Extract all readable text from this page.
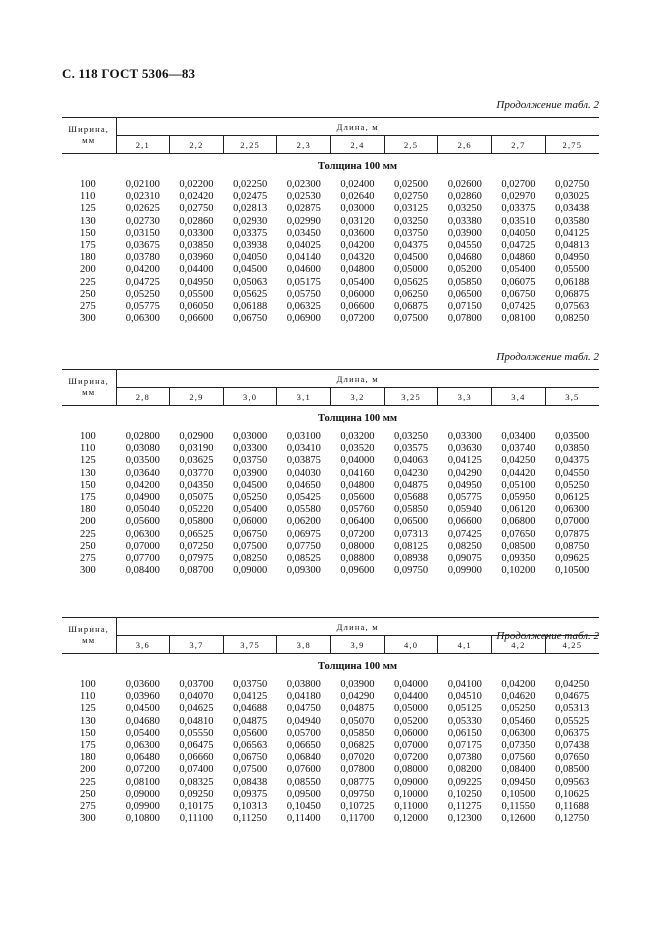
С. 118 ГОСТ 5306—83
Продолжение табл. 2
Продолжение табл. 2
Продолжение табл. 2
Ширина,
мм	Длина, м								
	2,1	2,2	2,25	2,3	2,4	2,5	2,6	2,7	2,75
Толщина 100 мм									
100	0,02100	0,02200	0,02250	0,02300	0,02400	0,02500	0,02600	0,02700	0,02750
110	0,02310	0,02420	0,02475	0,02530	0,02640	0,02750	0,02860	0,02970	0,03025
125	0,02625	0,02750	0,02813	0,02875	0,03000	0,03125	0,03250	0,03375	0,03438
130	0,02730	0,02860	0,02930	0,02990	0,03120	0,03250	0,03380	0,03510	0,03580
150	0,03150	0,03300	0,03375	0,03450	0,03600	0,03750	0,03900	0,04050	0,04125
175	0,03675	0,03850	0,03938	0,04025	0,04200	0,04375	0,04550	0,04725	0,04813
180	0,03780	0,03960	0,04050	0,04140	0,04320	0,04500	0,04680	0,04860	0,04950
200	0,04200	0,04400	0,04500	0,04600	0,04800	0,05000	0,05200	0,05400	0,05500
225	0,04725	0,04950	0,05063	0,05175	0,05400	0,05625	0,05850	0,06075	0,06188
250	0,05250	0,05500	0,05625	0,05750	0,06000	0,06250	0,06500	0,06750	0,06875
275	0,05775	0,06050	0,06188	0,06325	0,06600	0,06875	0,07150	0,07425	0,07563
300	0,06300	0,06600	0,06750	0,06900	0,07200	0,07500	0,07800	0,08100	0,08250
Ширина,
мм	Длина, м								
	2,8	2,9	3,0	3,1	3,2	3,25	3,3	3,4	3,5
Толщина 100 мм									
100	0,02800	0,02900	0,03000	0,03100	0,03200	0,03250	0,03300	0,03400	0,03500
110	0,03080	0,03190	0,03300	0,03410	0,03520	0,03575	0,03630	0,03740	0,03850
125	0,03500	0,03625	0,03750	0,03875	0,04000	0,04063	0,04125	0,04250	0,04375
130	0,03640	0,03770	0,03900	0,04030	0,04160	0,04230	0,04290	0,04420	0,04550
150	0,04200	0,04350	0,04500	0,04650	0,04800	0,04875	0,04950	0,05100	0,05250
175	0,04900	0,05075	0,05250	0,05425	0,05600	0,05688	0,05775	0,05950	0,06125
180	0,05040	0,05220	0,05400	0,05580	0,05760	0,05850	0,05940	0,06120	0,06300
200	0,05600	0,05800	0,06000	0,06200	0,06400	0,06500	0,06600	0,06800	0,07000
225	0,06300	0,06525	0,06750	0,06975	0,07200	0,07313	0,07425	0,07650	0,07875
250	0,07000	0,07250	0,07500	0,07750	0,08000	0,08125	0,08250	0,08500	0,08750
275	0,07700	0,07975	0,08250	0,08525	0,08800	0,08938	0,09075	0,09350	0,09625
300	0,08400	0,08700	0,09000	0,09300	0,09600	0,09750	0,09900	0,10200	0,10500
Ширина,
мм	Длина, м								
	3,6	3,7	3,75	3,8	3,9	4,0	4,1	4,2	4,25
Толщина 100 мм									
100	0,03600	0,03700	0,03750	0,03800	0,03900	0,04000	0,04100	0,04200	0,04250
110	0,03960	0,04070	0,04125	0,04180	0,04290	0,04400	0,04510	0,04620	0,04675
125	0,04500	0,04625	0,04688	0,04750	0,04875	0,05000	0,05125	0,05250	0,05313
130	0,04680	0,04810	0,04875	0,04940	0,05070	0,05200	0,05330	0,05460	0,05525
150	0,05400	0,05550	0,05600	0,05700	0,05850	0,06000	0,06150	0,06300	0,06375
175	0,06300	0,06475	0,06563	0,06650	0,06825	0,07000	0,07175	0,07350	0,07438
180	0,06480	0,06660	0,06750	0,06840	0,07020	0,07200	0,07380	0,07560	0,07650
200	0,07200	0,07400	0,07500	0,07600	0,07800	0,08000	0,08200	0,08400	0,08500
225	0,08100	0,08325	0,08438	0,08550	0,08775	0,09000	0,09225	0,09450	0,09563
250	0,09000	0,09250	0,09375	0,09500	0,09750	0,10000	0,10250	0,10500	0,10625
275	0,09900	0,10175	0,10313	0,10450	0,10725	0,11000	0,11275	0,11550	0,11688
300	0,10800	0,11100	0,11250	0,11400	0,11700	0,12000	0,12300	0,12600	0,12750
